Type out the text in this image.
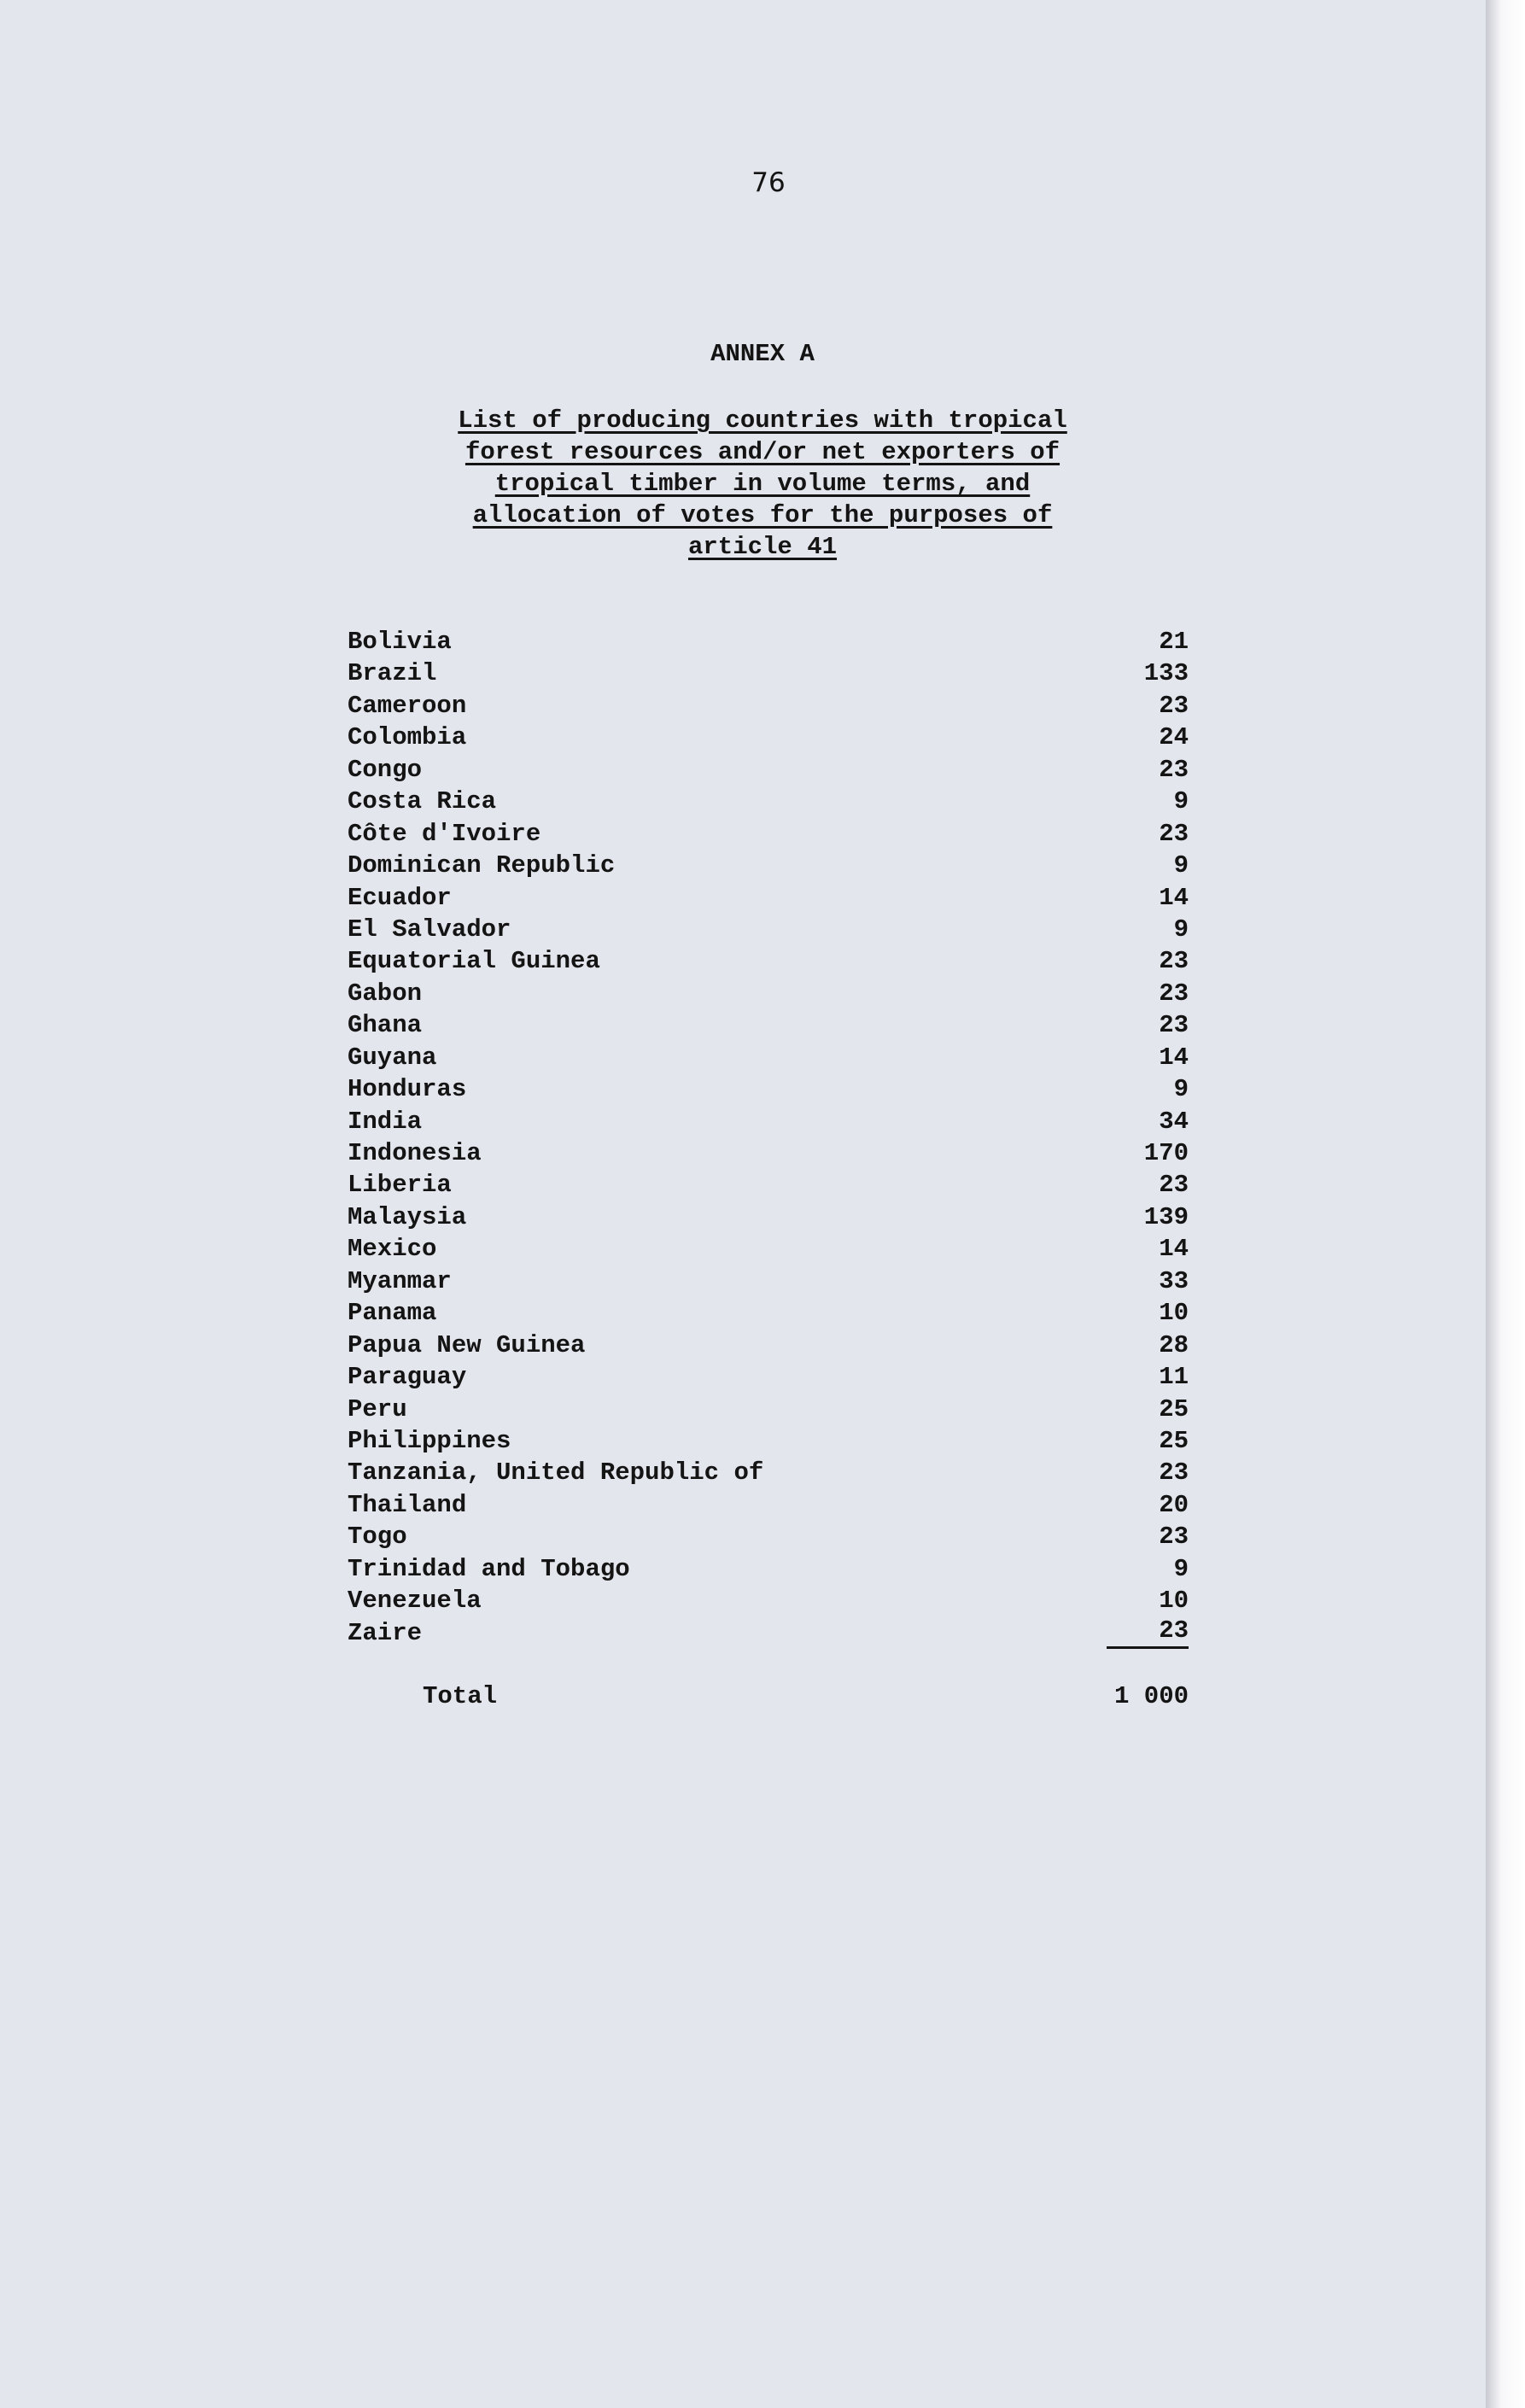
76
ANNEX A
List of producing countries with tropical
forest resources and/or net exporters of
tropical timber in volume terms, and
allocation of votes for the purposes of
article 41
Bolivia	21
Brazil	133
Cameroon	23
Colombia	24
Congo	23
Costa Rica	9
Côte d'Ivoire	23
Dominican Republic	9
Ecuador	14
El Salvador	9
Equatorial Guinea	23
Gabon	23
Ghana	23
Guyana	14
Honduras	9
India	34
Indonesia	170
Liberia	23
Malaysia	139
Mexico	14
Myanmar	33
Panama	10
Papua New Guinea	28
Paraguay	11
Peru	25
Philippines	25
Tanzania, United Republic of	23
Thailand	20
Togo	23
Trinidad and Tobago	9
Venezuela	10
Zaire	23
Total	1 000
